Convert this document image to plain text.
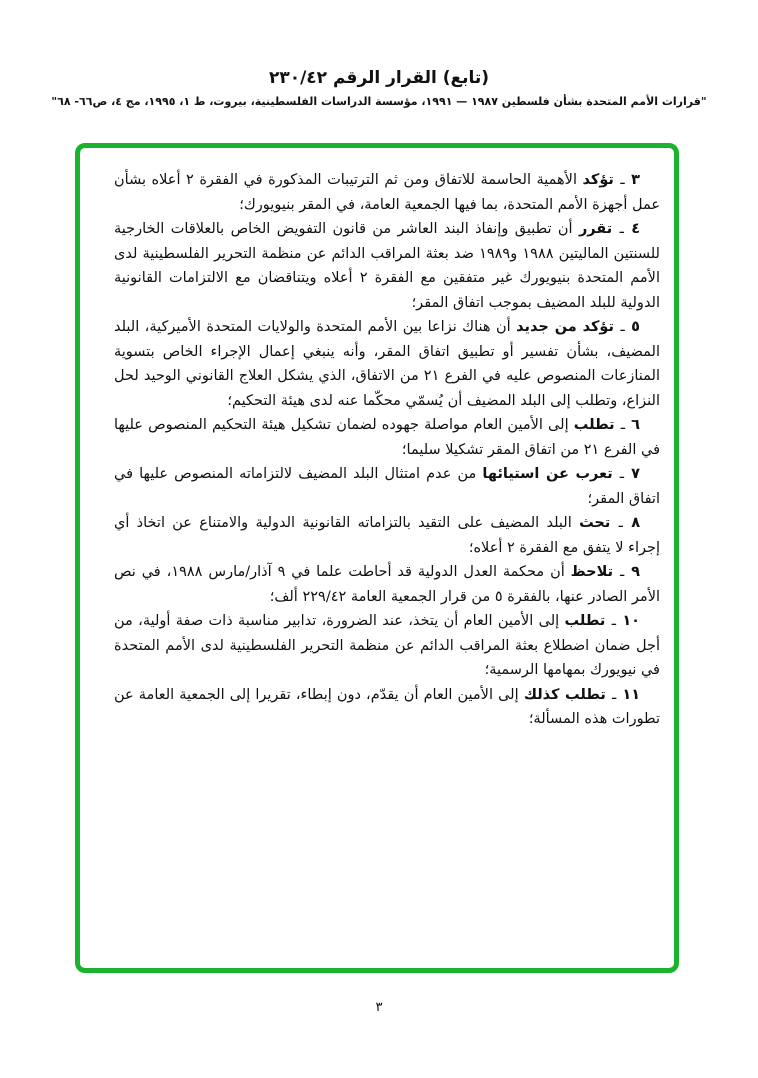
(تابع) القرار الرقم ٢٣٠/٤٢

"قرارات الأمم المتحدة بشأن فلسطين ١٩٨٧ — ١٩٩١، مؤسسة الدراسات الفلسطينية، بيروت، ط ١، ١٩٩٥، مج ٤، ص٦٦- ٦٨"

٣ ـ تؤكد الأهمية الحاسمة للاتفاق ومن ثم الترتيبات المذكورة في الفقرة ٢ أعلاه بشأن عمل أجهزة الأمم المتحدة، بما فيها الجمعية العامة، في المقر بنيويورك؛

٤ ـ تقرر أن تطبيق وإنفاذ البند العاشر من قانون التفويض الخاص بالعلاقات الخارجية للسنتين الماليتين ١٩٨٨ و١٩٨٩ ضد بعثة المراقب الدائم عن منظمة التحرير الفلسطينية لدى الأمم المتحدة بنيويورك غير متفقين مع الفقرة ٢ أعلاه ويتناقضان مع الالتزامات القانونية الدولية للبلد المضيف بموجب اتفاق المقر؛

٥ ـ تؤكد من جديد أن هناك نزاعا بين الأمم المتحدة والولايات المتحدة الأميركية، البلد المضيف، بشأن تفسير أو تطبيق اتفاق المقر، وأنه ينبغي إعمال الإجراء الخاص بتسوية المنازعات المنصوص عليه في الفرع ٢١ من الاتفاق، الذي يشكل العلاج القانوني الوحيد لحل النزاع، وتطلب إلى البلد المضيف أن يُسمّي محكّما عنه لدى هيئة التحكيم؛

٦ ـ تطلب إلى الأمين العام مواصلة جهوده لضمان تشكيل هيئة التحكيم المنصوص عليها في الفرع ٢١ من اتفاق المقر تشكيلا سليما؛

٧ ـ تعرب عن استيائها من عدم امتثال البلد المضيف لالتزاماته المنصوص عليها في اتفاق المقر؛

٨ ـ تحث البلد المضيف على التقيد بالتزاماته القانونية الدولية والامتناع عن اتخاذ أي إجراء لا يتفق مع الفقرة ٢ أعلاه؛

٩ ـ تلاحظ أن محكمة العدل الدولية قد أحاطت علما في ٩ آذار/مارس ١٩٨٨، في نص الأمر الصادر عنها، بالفقرة ٥ من قرار الجمعية العامة ٢٢٩/٤٢ ألف؛

١٠ ـ تطلب إلى الأمين العام أن يتخذ، عند الضرورة، تدابير مناسبة ذات صفة أولية، من أجل ضمان اضطلاع بعثة المراقب الدائم عن منظمة التحرير الفلسطينية لدى الأمم المتحدة في نيويورك بمهامها الرسمية؛

١١ ـ تطلب كذلك إلى الأمين العام أن يقدّم، دون إبطاء، تقريرا إلى الجمعية العامة عن تطورات هذه المسألة؛

٣
